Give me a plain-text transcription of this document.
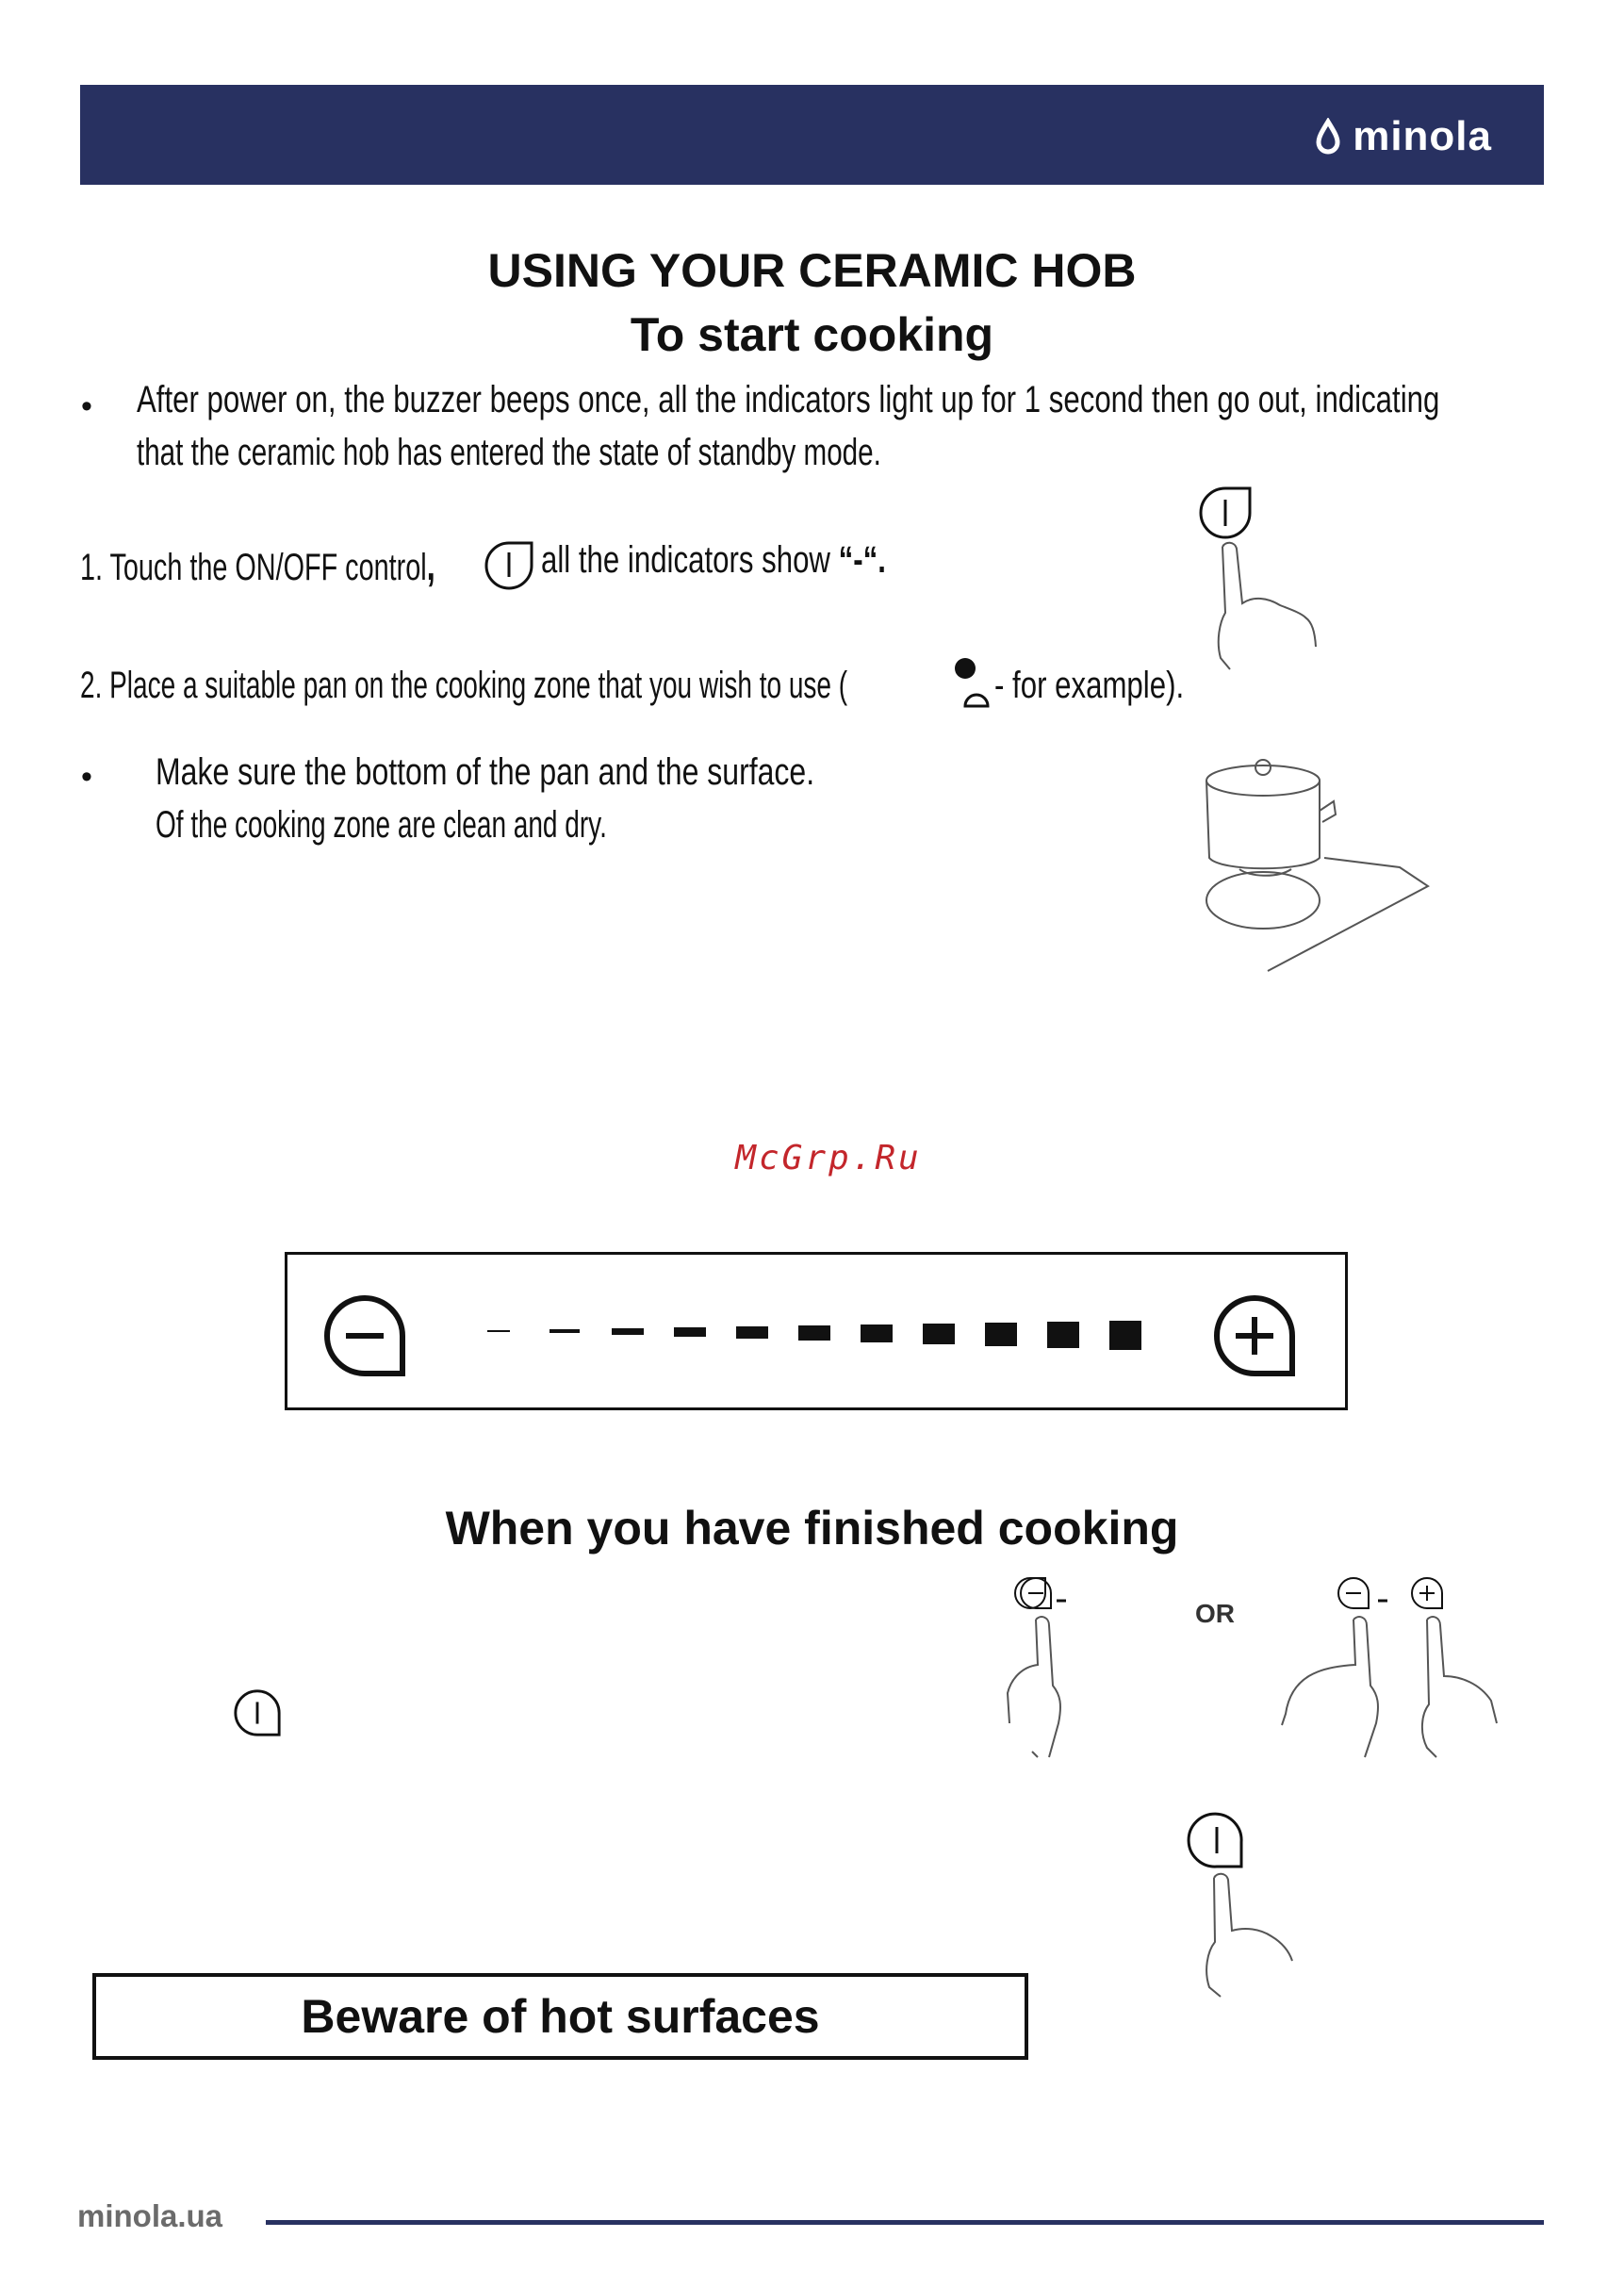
minola
USING YOUR CERAMIC HOB
To start cooking
• After power on, the buzzer beeps once, all the indicators light up for 1 second then go out, indicating
that the ceramic hob has entered the state of standby mode.
1. Touch the ON/OFF control,	all the indicators show “-“.
2. Place a suitable pan on the cooking zone that you wish to use (	- for example).
• Make sure the bottom of the pan and the surface.
Of the cooking zone are clean and dry.
McGrp.Ru
When you have finished cooking
OR
Beware of hot surfaces
minola.ua
